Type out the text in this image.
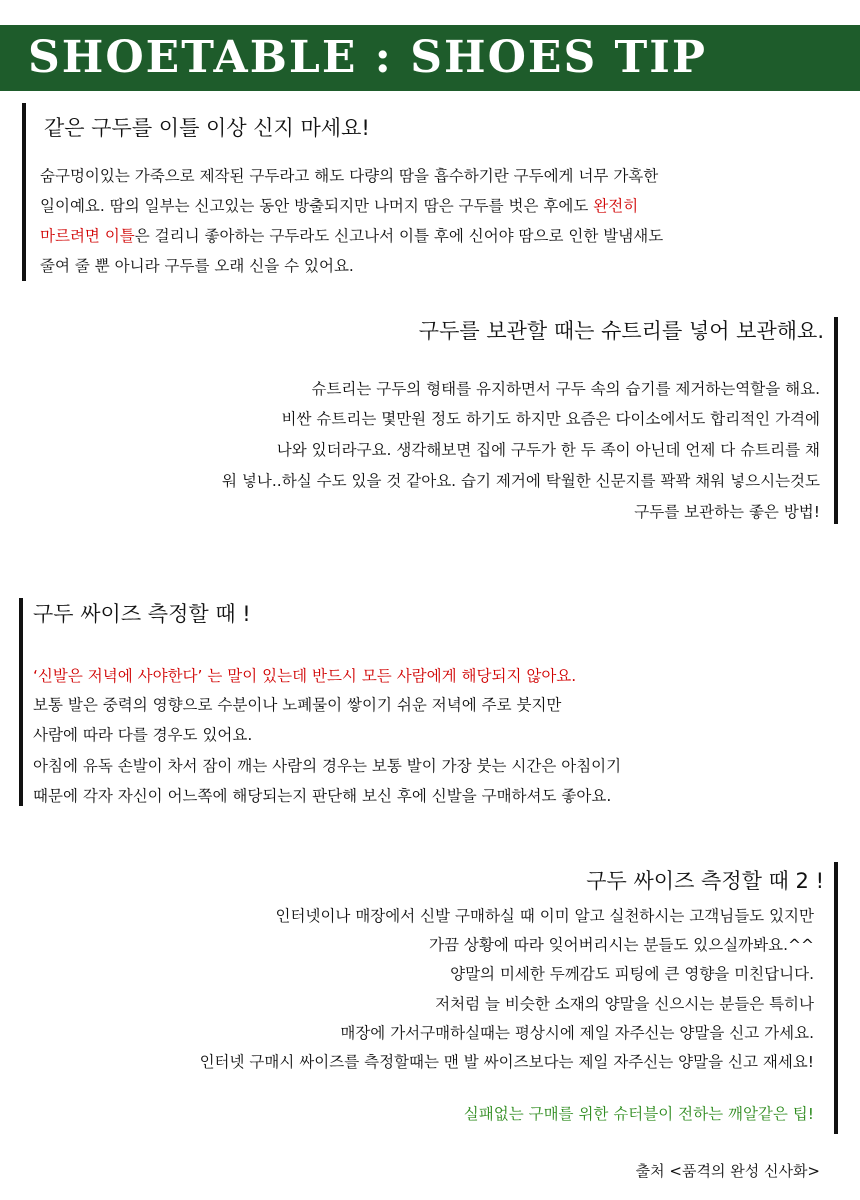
SHOETABLE : SHOES TIP
같은 구두를 이틀 이상 신지 마세요!
숨구멍이있는 가죽으로 제작된 구두라고 해도 다량의 땀을 흡수하기란 구두에게 너무 가혹한
일이예요. 땀의 일부는 신고있는 동안 방출되지만 나머지 땀은 구두를 벗은 후에도 완전히
마르려면 이틀은 걸리니 좋아하는 구두라도 신고나서 이틀 후에 신어야 땀으로 인한 발냄새도
줄여 줄 뿐 아니라 구두를 오래 신을 수 있어요.
구두를 보관할 때는 슈트리를 넣어 보관해요.
슈트리는 구두의 형태를 유지하면서 구두 속의 습기를 제거하는역할을 해요.
비싼 슈트리는 몇만원 정도 하기도 하지만 요즘은 다이소에서도 합리적인 가격에
나와 있더라구요. 생각해보면 집에 구두가 한 두 족이 아닌데 언제 다 슈트리를 채
워 넣나..하실 수도 있을 것 같아요. 습기 제거에 탁월한 신문지를 꽉꽉 채워 넣으시는것도
구두를 보관하는 좋은 방법!
구두 싸이즈 측정할 때 !
‘신발은 저녁에 사야한다’ 는 말이 있는데 반드시 모든 사람에게 해당되지 않아요.
보통 발은 중력의 영향으로 수분이나 노폐물이 쌓이기 쉬운 저녁에 주로 붓지만
사람에 따라 다를 경우도 있어요.
아침에 유독 손발이 차서 잠이 깨는 사람의 경우는 보통 발이 가장 붓는 시간은 아침이기
때문에 각자 자신이 어느쪽에 해당되는지 판단해 보신 후에 신발을 구매하셔도 좋아요.
구두 싸이즈 측정할 때 2 !
인터넷이나 매장에서 신발 구매하실 때 이미 알고 실천하시는 고객님들도 있지만
가끔 상황에 따라 잊어버리시는 분들도 있으실까봐요.^^
양말의 미세한 두께감도 피팅에 큰 영향을 미친답니다.
저처럼 늘 비슷한 소재의 양말을 신으시는 분들은 특히나
매장에 가서구매하실때는 평상시에 제일 자주신는 양말을 신고 가세요.
인터넷 구매시 싸이즈를 측정할때는 맨 발 싸이즈보다는 제일 자주신는 양말을 신고 재세요!
실패없는 구매를 위한 슈터블이 전하는 깨알같은 팁!
출처 <품격의 완성 신사화>
